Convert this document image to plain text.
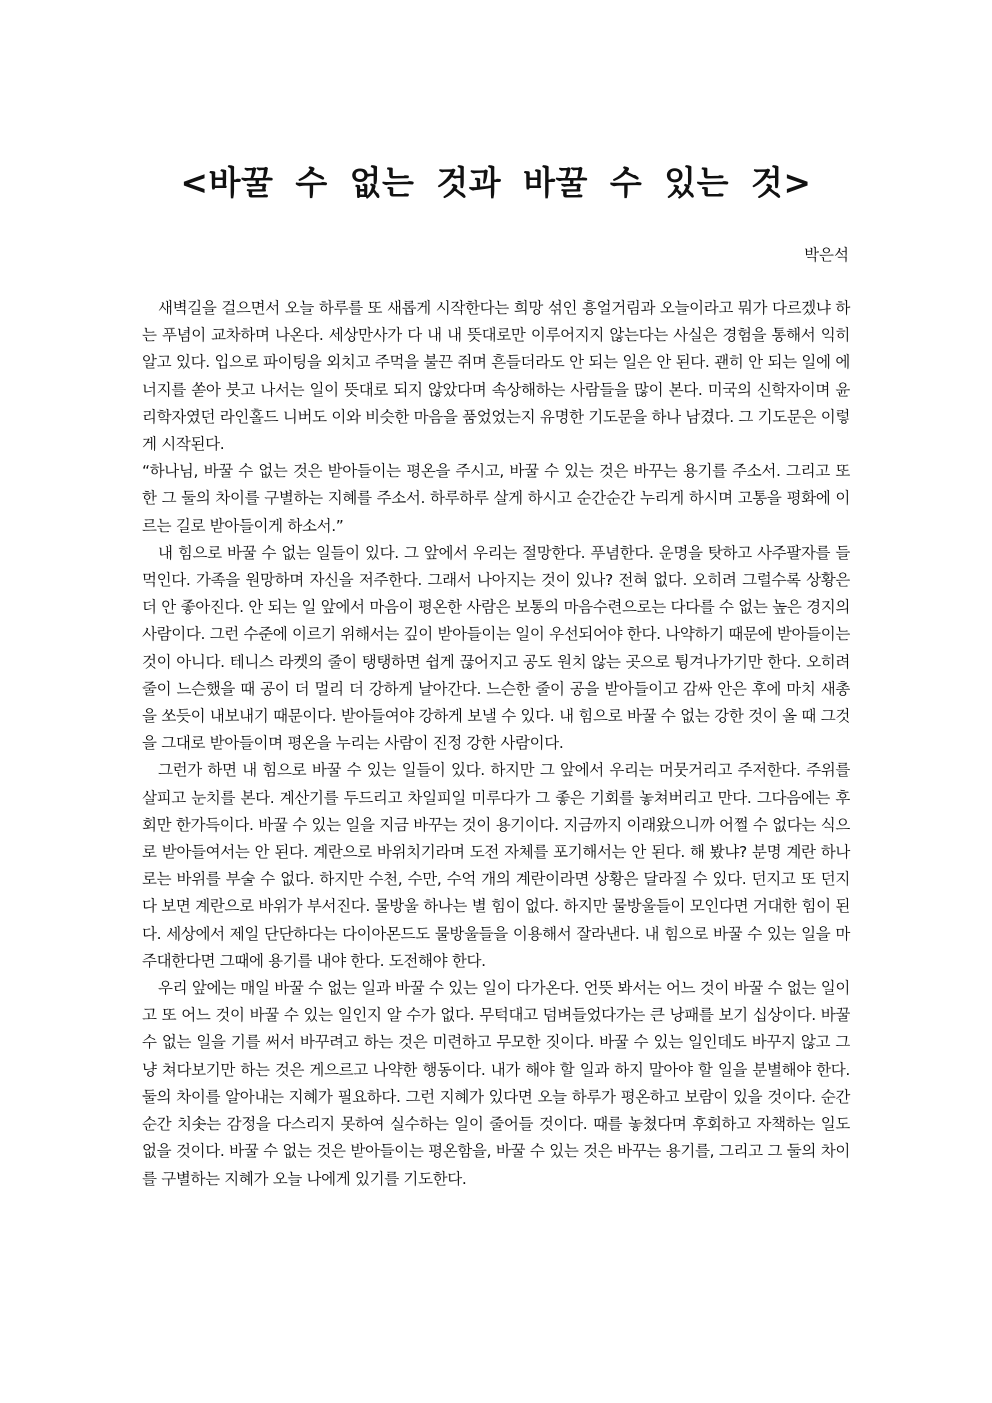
<바꿀 수 없는 것과 바꿀 수 있는 것>

박은석

새벽길을 걸으면서 오늘 하루를 또 새롭게 시작한다는 희망 섞인 흥얼거림과 오늘이라고 뭐가 다르겠냐 하는 푸념이 교차하며 나온다. 세상만사가 다 내 내 뜻대로만 이루어지지 않는다는 사실은 경험을 통해서 익히 알고 있다. 입으로 파이팅을 외치고 주먹을 불끈 쥐며 흔들더라도 안 되는 일은 안 된다. 괜히 안 되는 일에 에너지를 쏟아 붓고 나서는 일이 뜻대로 되지 않았다며 속상해하는 사람들을 많이 본다. 미국의 신학자이며 윤리학자였던 라인홀드 니버도 이와 비슷한 마음을 품었었는지 유명한 기도문을 하나 남겼다. 그 기도문은 이렇게 시작된다.

“하나님, 바꿀 수 없는 것은 받아들이는 평온을 주시고, 바꿀 수 있는 것은 바꾸는 용기를 주소서. 그리고 또한 그 둘의 차이를 구별하는 지혜를 주소서. 하루하루 살게 하시고 순간순간 누리게 하시며 고통을 평화에 이르는 길로 받아들이게 하소서.”

내 힘으로 바꿀 수 없는 일들이 있다. 그 앞에서 우리는 절망한다. 푸념한다. 운명을 탓하고 사주팔자를 들먹인다. 가족을 원망하며 자신을 저주한다. 그래서 나아지는 것이 있나? 전혀 없다. 오히려 그럴수록 상황은 더 안 좋아진다. 안 되는 일 앞에서 마음이 평온한 사람은 보통의 마음수련으로는 다다를 수 없는 높은 경지의 사람이다. 그런 수준에 이르기 위해서는 깊이 받아들이는 일이 우선되어야 한다. 나약하기 때문에 받아들이는 것이 아니다. 테니스 라켓의 줄이 탱탱하면 쉽게 끊어지고 공도 원치 않는 곳으로 튕겨나가기만 한다. 오히려 줄이 느슨했을 때 공이 더 멀리 더 강하게 날아간다. 느슨한 줄이 공을 받아들이고 감싸 안은 후에 마치 새총을 쏘듯이 내보내기 때문이다. 받아들여야 강하게 보낼 수 있다. 내 힘으로 바꿀 수 없는 강한 것이 올 때 그것을 그대로 받아들이며 평온을 누리는 사람이 진정 강한 사람이다.

그런가 하면 내 힘으로 바꿀 수 있는 일들이 있다. 하지만 그 앞에서 우리는 머뭇거리고 주저한다. 주위를 살피고 눈치를 본다. 계산기를 두드리고 차일피일 미루다가 그 좋은 기회를 놓쳐버리고 만다. 그다음에는 후회만 한가득이다. 바꿀 수 있는 일을 지금 바꾸는 것이 용기이다. 지금까지 이래왔으니까 어쩔 수 없다는 식으로 받아들여서는 안 된다. 계란으로 바위치기라며 도전 자체를 포기해서는 안 된다. 해 봤냐? 분명 계란 하나로는 바위를 부술 수 없다. 하지만 수천, 수만, 수억 개의 계란이라면 상황은 달라질 수 있다. 던지고 또 던지다 보면 계란으로 바위가 부서진다. 물방울 하나는 별 힘이 없다. 하지만 물방울들이 모인다면 거대한 힘이 된다. 세상에서 제일 단단하다는 다이아몬드도 물방울들을 이용해서 잘라낸다. 내 힘으로 바꿀 수 있는 일을 마주대한다면 그때에 용기를 내야 한다. 도전해야 한다.

우리 앞에는 매일 바꿀 수 없는 일과 바꿀 수 있는 일이 다가온다. 언뜻 봐서는 어느 것이 바꿀 수 없는 일이고 또 어느 것이 바꿀 수 있는 일인지 알 수가 없다. 무턱대고 덤벼들었다가는 큰 낭패를 보기 십상이다. 바꿀 수 없는 일을 기를 써서 바꾸려고 하는 것은 미련하고 무모한 짓이다. 바꿀 수 있는 일인데도 바꾸지 않고 그냥 쳐다보기만 하는 것은 게으르고 나약한 행동이다. 내가 해야 할 일과 하지 말아야 할 일을 분별해야 한다. 둘의 차이를 알아내는 지혜가 필요하다. 그런 지혜가 있다면 오늘 하루가 평온하고 보람이 있을 것이다. 순간순간 치솟는 감정을 다스리지 못하여 실수하는 일이 줄어들 것이다. 때를 놓쳤다며 후회하고 자책하는 일도 없을 것이다. 바꿀 수 없는 것은 받아들이는 평온함을, 바꿀 수 있는 것은 바꾸는 용기를, 그리고 그 둘의 차이를 구별하는 지혜가 오늘 나에게 있기를 기도한다.
